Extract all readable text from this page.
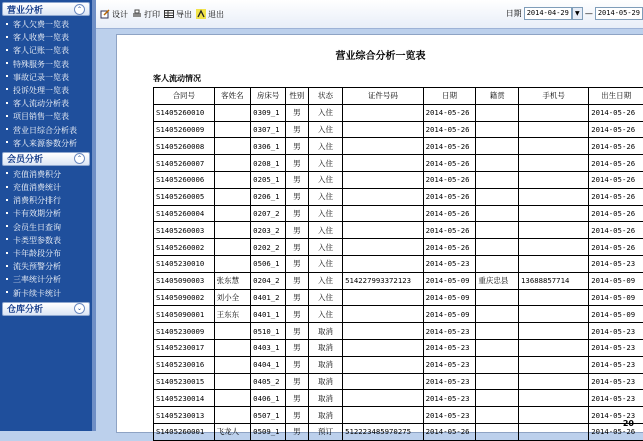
营业分析	⌃
客人欠费一览表
客人收费一览表
客人记账一览表
特殊服务一览表
事故记录一览表
投诉处理一览表
客人流动分析表
项目销售一览表
营业日综合分析表
客人来源参数分析
会员分析	⌃
充值消费积分
充值消费统计
消费积分排行
卡有效期分析
会员生日查询
卡类型参数表
卡年龄段分布
流失预警分析
三率统计分析
新卡续卡统计
仓库分析	⌄
设计 打印 导出 退出	日期 2014-04-29	▼ — 2014-05-29
营业综合分析一览表
客人流动情况
合同号	客姓名	房床号	性别	状态	证件号码	日期	籍贯	手机号	出生日期
S1405260010		0309_1	男	入住		2014-05-26			2014-05-26
S1405260009		0307_1	男	入住		2014-05-26			2014-05-26
S1405260008		0306_1	男	入住		2014-05-26			2014-05-26
S1405260007		0208_1	男	入住		2014-05-26			2014-05-26
S1405260006		0205_1	男	入住		2014-05-26			2014-05-26
S1405260005		0206_1	男	入住		2014-05-26			2014-05-26
S1405260004		0207_2	男	入住		2014-05-26			2014-05-26
S1405260003		0203_2	男	入住		2014-05-26			2014-05-26
S1405260002		0202_2	男	入住		2014-05-26			2014-05-26
S1405230010		0506_1	男	入住		2014-05-23			2014-05-23
S1405090003	张东慧	0204_2	男	入住	514227993372123	2014-05-09	重庆忠县	13688857714	2014-05-09
S1405090002	刘小全	0401_2	男	入住		2014-05-09			2014-05-09
S1405090001	王东东	0401_1	男	入住		2014-05-09			2014-05-09
S1405230009		0510_1	男	取消		2014-05-23			2014-05-23
S1405230017		0403_1	男	取消		2014-05-23			2014-05-23
S1405230016		0404_1	男	取消		2014-05-23			2014-05-23
S1405230015		0405_2	男	取消		2014-05-23			2014-05-23
S1405230014		0406_1	男	取消		2014-05-23			2014-05-23
S1405230013		0507_1	男	取消		2014-05-23			2014-05-23
S1405260001	飞龙人	0509_1	男	预订	512223485970275	2014-05-26			2014-05-26
20
